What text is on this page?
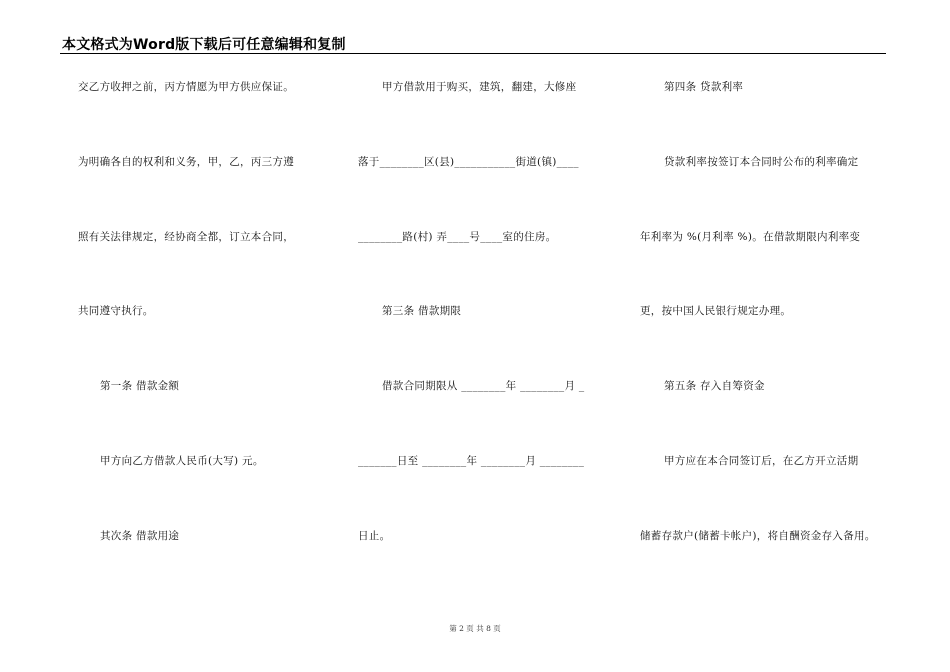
本文格式为Word版下载后可任意编辑和复制
交乙方收押之前，丙方情愿为甲方供应保证。
为明确各自的权利和义务，甲，乙，丙三方遵
照有关法律规定，经协商全都，订立本合同，
共同遵守执行。
第一条 借款金额
甲方向乙方借款人民币(大写) 元。
其次条 借款用途
甲方借款用于购买，建筑，翻建，大修座
落于________区(县)___________街道(镇)____
________路(村) 弄____号____室的住房。
第三条 借款期限
借款合同期限从 ________年 ________月 _
_______日至 ________年 ________月 ________
日止。
第四条 贷款利率
贷款利率按签订本合同时公布的利率确定
年利率为 %(月利率 %)。在借款期限内利率变
更，按中国人民银行规定办理。
第五条 存入自筹资金
甲方应在本合同签订后，在乙方开立活期
储蓄存款户(储蓄卡帐户)，将自酬资金存入备用。
第 2 页 共 8 页
